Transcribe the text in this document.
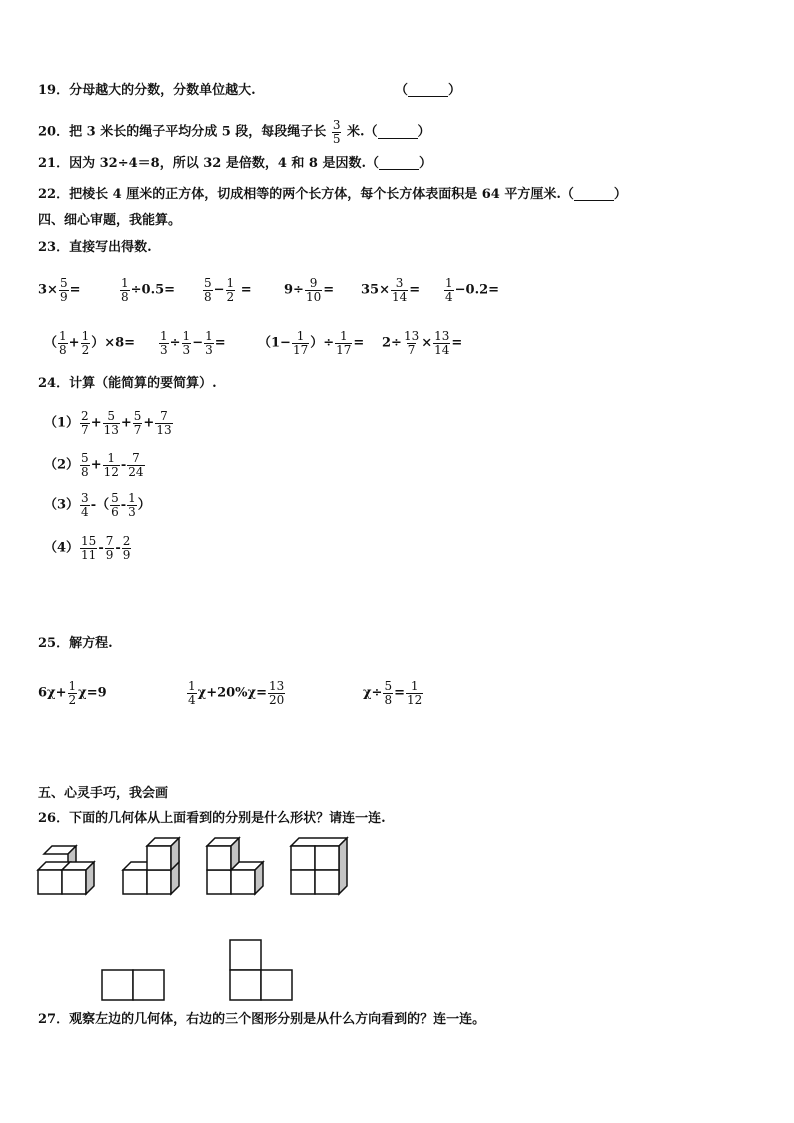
19．分母越大的分数，分数单位越大.	（	）
20．把 3 米长的绳子平均分成 5 段，每段绳子长 $\frac{3}{5}$ 米.（	）
21．因为 32÷4＝8，所以 32 是倍数，4 和 8 是因数.（	）
22．把棱长 4 厘米的正方体，切成相等的两个长方体，每个长方体表面积是 64 平方厘米.（	）
四、细心审题，我能算。
23．直接写出得数.
$3\times \frac{5}{9}$ =	$\frac{1}{8} \div 0.5= \frac{5}{8} - \frac{1}{2} = 9\div \frac{9}{10} = 35\times \frac{3}{14} = \frac{1}{4} -0.2=$
（ $\frac{1}{8} + \frac{1}{2} )\times 8= \frac{1}{3} \div \frac{1}{3} - \frac{1}{3} = (1- \frac{1}{17}$ ）÷ $\frac{1}{17} = 2\div \frac{13}{7} \times \frac{13}{14}$ =
24．计算（能简算的要简算）.
$(1) \frac{2}{7} + \frac{5}{13} + \frac{5}{7} + \frac{7}{13}$
$(2) \frac{5}{8} + \frac{1}{12} - \frac{7}{24}$
$(3) \frac{3}{4}$ -（ $\frac{5}{6} - \frac{1}{3}$ ）
$(4) \frac{15}{11} - \frac{7}{9} - \frac{2}{9}$
25．解方程.
$6\chi+ \frac{1}{2} \chi=9$	$\frac{1}{4} \chi+20\%\chi= \frac{13}{20}$	$\chi\div \frac{5}{8} = \frac{1}{12}$
五、心灵手巧，我会画
26．下面的几何体从上面看到的分别是什么形状？请连一连.
27．观察左边的几何体，右边的三个图形分别是从什么方向看到的？连一连。
